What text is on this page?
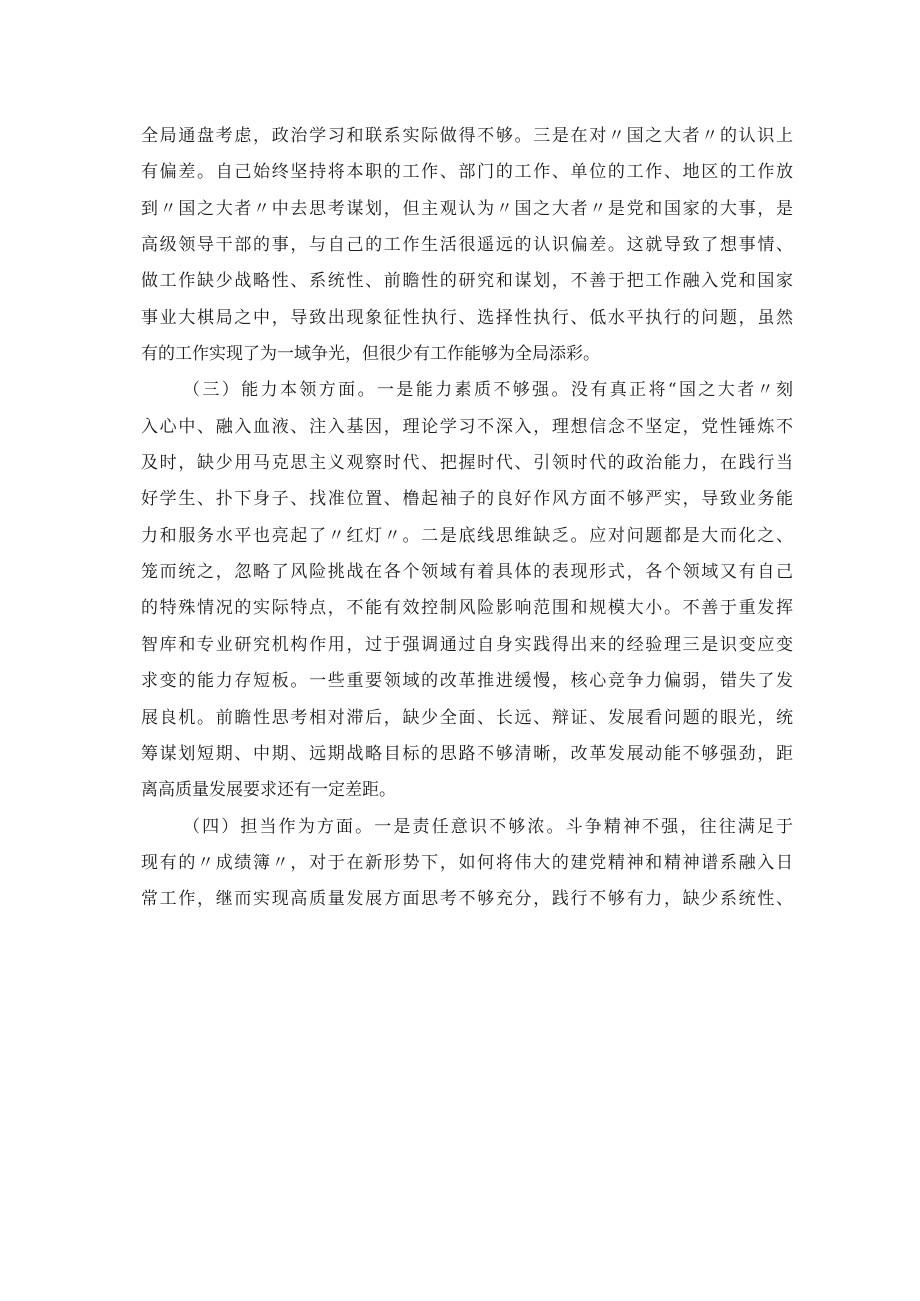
全局通盘考虑，政治学习和联系实际做得不够。三是在对〃国之大者〃的认识上
有偏差。自己始终坚持将本职的工作、部门的工作、单位的工作、地区的工作放
到〃国之大者〃中去思考谋划，但主观认为〃国之大者〃是党和国家的大事，是
高级领导干部的事，与自己的工作生活很遥远的认识偏差。这就导致了想事情、
做工作缺少战略性、系统性、前瞻性的研究和谋划，不善于把工作融入党和国家
事业大棋局之中，导致出现象征性执行、选择性执行、低水平执行的问题，虽然
有的工作实现了为一域争光，但很少有工作能够为全局添彩。
（三）能力本领方面。一是能力素质不够强。没有真正将“国之大者〃刻
入心中、融入血液、注入基因，理论学习不深入，理想信念不坚定，党性锤炼不
及时，缺少用马克思主义观察时代、把握时代、引领时代的政治能力，在践行当
好学生、扑下身子、找准位置、橹起袖子的良好作风方面不够严实，导致业务能
力和服务水平也亮起了〃红灯〃。二是底线思维缺乏。应对问题都是大而化之、
笼而统之，忽略了风险挑战在各个领域有着具体的表现形式，各个领域又有自己
的特殊情况的实际特点，不能有效控制风险影响范围和规模大小。不善于重发挥
智库和专业研究机构作用，过于强调通过自身实践得出来的经验理三是识变应变
求变的能力存短板。一些重要领域的改革推进缓慢，核心竞争力偏弱，错失了发
展良机。前瞻性思考相对滞后，缺少全面、长远、辩证、发展看问题的眼光，统
筹谋划短期、中期、远期战略目标的思路不够清晰，改革发展动能不够强劲，距
离高质量发展要求还有一定差距。
（四）担当作为方面。一是责任意识不够浓。斗争精神不强，往往满足于
现有的〃成绩簿〃，对于在新形势下，如何将伟大的建党精神和精神谱系融入日
常工作，继而实现高质量发展方面思考不够充分，践行不够有力，缺少系统性、
